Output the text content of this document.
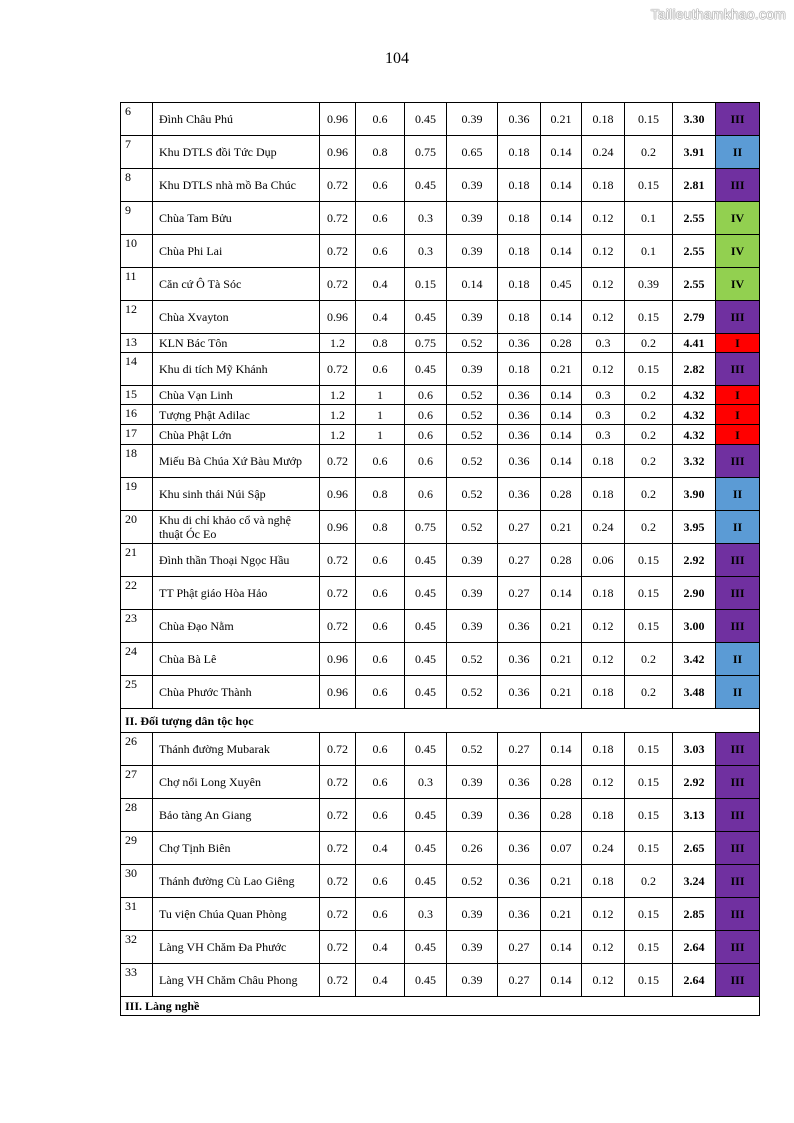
Tailieuthamkhao.com
104
6	Đình Châu Phú	0.96	0.6	0.45	0.39	0.36	0.21	0.18	0.15	3.30	III
7	Khu DTLS đồi Tức Dụp	0.96	0.8	0.75	0.65	0.18	0.14	0.24	0.2	3.91	II
8	Khu DTLS nhà mồ Ba Chúc	0.72	0.6	0.45	0.39	0.18	0.14	0.18	0.15	2.81	III
9	Chùa Tam Bửu	0.72	0.6	0.3	0.39	0.18	0.14	0.12	0.1	2.55	IV
10	Chùa Phi Lai	0.72	0.6	0.3	0.39	0.18	0.14	0.12	0.1	2.55	IV
11	Căn cứ Ô Tà Sóc	0.72	0.4	0.15	0.14	0.18	0.45	0.12	0.39	2.55	IV
12	Chùa Xvayton	0.96	0.4	0.45	0.39	0.18	0.14	0.12	0.15	2.79	III
13	KLN Bác Tôn	1.2	0.8	0.75	0.52	0.36	0.28	0.3	0.2	4.41	I
14	Khu di tích Mỹ Khánh	0.72	0.6	0.45	0.39	0.18	0.21	0.12	0.15	2.82	III
15	Chùa Vạn Linh	1.2	1	0.6	0.52	0.36	0.14	0.3	0.2	4.32	I
16	Tượng Phật Adilac	1.2	1	0.6	0.52	0.36	0.14	0.3	0.2	4.32	I
17	Chùa Phật Lớn	1.2	1	0.6	0.52	0.36	0.14	0.3	0.2	4.32	I
18	Miếu Bà Chúa Xứ Bàu Mướp	0.72	0.6	0.6	0.52	0.36	0.14	0.18	0.2	3.32	III
19	Khu sinh thái Núi Sập	0.96	0.8	0.6	0.52	0.36	0.28	0.18	0.2	3.90	II
20	Khu di chỉ khảo cổ và nghệ thuật Óc Eo	0.96	0.8	0.75	0.52	0.27	0.21	0.24	0.2	3.95	II
21	Đình thần Thoại Ngọc Hầu	0.72	0.6	0.45	0.39	0.27	0.28	0.06	0.15	2.92	III
22	TT Phật giáo Hòa Hảo	0.72	0.6	0.45	0.39	0.27	0.14	0.18	0.15	2.90	III
23	Chùa Đạo Nằm	0.72	0.6	0.45	0.39	0.36	0.21	0.12	0.15	3.00	III
24	Chùa Bà Lê	0.96	0.6	0.45	0.52	0.36	0.21	0.12	0.2	3.42	II
25	Chùa Phước Thành	0.96	0.6	0.45	0.52	0.36	0.21	0.18	0.2	3.48	II
II. Đối tượng dân tộc học											
26	Thánh đường Mubarak	0.72	0.6	0.45	0.52	0.27	0.14	0.18	0.15	3.03	III
27	Chợ nổi Long Xuyên	0.72	0.6	0.3	0.39	0.36	0.28	0.12	0.15	2.92	III
28	Bảo tàng An Giang	0.72	0.6	0.45	0.39	0.36	0.28	0.18	0.15	3.13	III
29	Chợ Tịnh Biên	0.72	0.4	0.45	0.26	0.36	0.07	0.24	0.15	2.65	III
30	Thánh đường Cù Lao Giêng	0.72	0.6	0.45	0.52	0.36	0.21	0.18	0.2	3.24	III
31	Tu viện Chúa Quan Phòng	0.72	0.6	0.3	0.39	0.36	0.21	0.12	0.15	2.85	III
32	Làng VH Chăm Đa Phước	0.72	0.4	0.45	0.39	0.27	0.14	0.12	0.15	2.64	III
33	Làng VH Chăm Châu Phong	0.72	0.4	0.45	0.39	0.27	0.14	0.12	0.15	2.64	III
III. Làng nghề											
